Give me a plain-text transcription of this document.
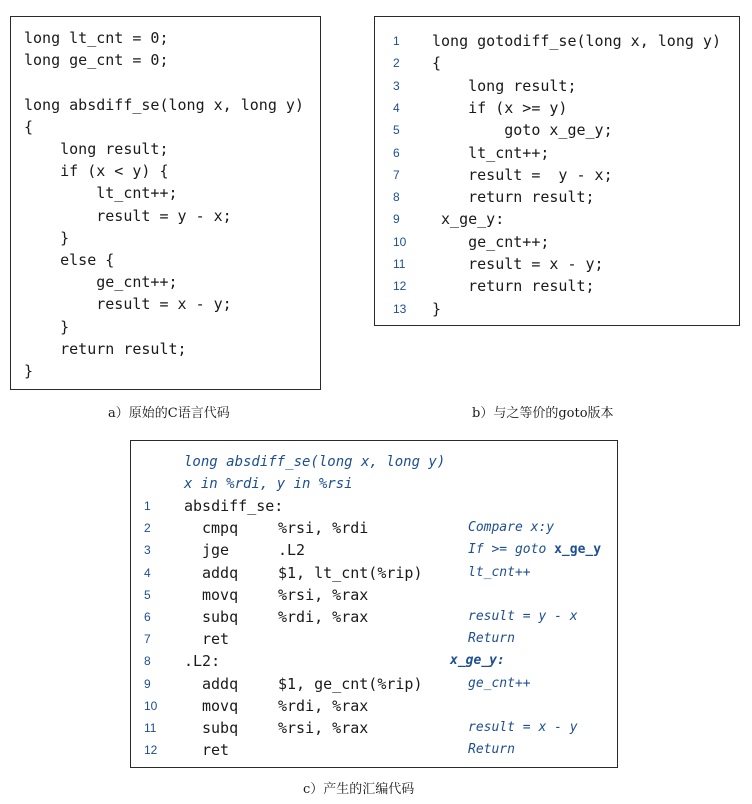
a）原始的C语言代码	b）与之等价的goto版本
c）产生的汇编代码
long lt_cnt = 0;
long ge_cnt = 0;
long absdiff_se(long x, long y)
{
long result;
if (x < y) {
lt_cnt++;
result = y - x;
}
else {
ge_cnt++;
result = x - y;
}
return result;
}
1 long gotodiff_se(long x, long y)
2 {
3 long result;
4 if (x >= y)
5 goto x_ge_y;
6 lt_cnt++;
7 result =  y - x;
8 return result;
9 x_ge_y:
10 ge_cnt++;
11 result = x - y;
12 return result;
13 }
long absdiff_se(long x, long y)
x in %rdi, y in %rsi
1 absdiff_se:
2	cmpq	%rsi, %rdi	Compare x:y
3	jge	.L2	If >= goto x_ge_y
4	addq	$1, lt_cnt(%rip)	lt_cnt++
5	movq	%rsi, %rax
6	subq	%rdi, %rax	result = y - x
7	ret	Return
8 .L2:	x_ge_y:
9	addq	$1, ge_cnt(%rip)	ge_cnt++
10	movq	%rdi, %rax
11	subq	%rsi, %rax	result = x - y
12	ret	Return
